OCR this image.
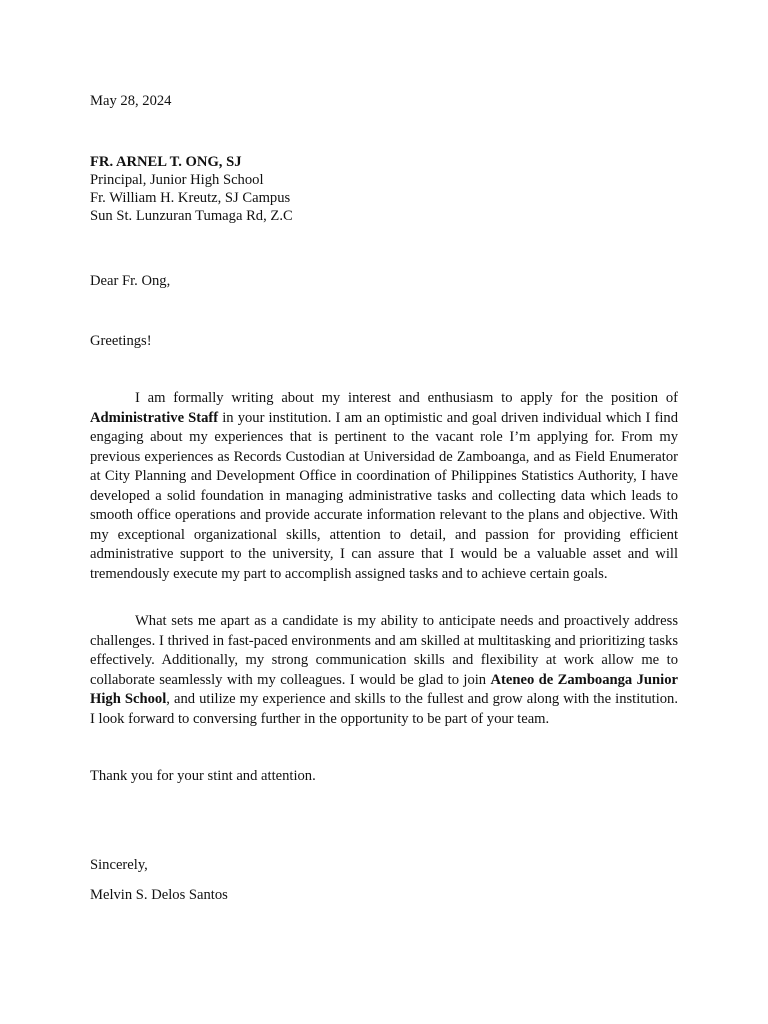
May 28, 2024
FR. ARNEL T. ONG, SJ
Principal, Junior High School
Fr. William H. Kreutz, SJ Campus
Sun St. Lunzuran Tumaga Rd, Z.C
Dear Fr. Ong,
Greetings!

I am formally writing about my interest and enthusiasm to apply for the position of Administrative Staff in your institution. I am an optimistic and goal driven individual which I find engaging about my experiences that is pertinent to the vacant role I’m applying for. From my previous experiences as Records Custodian at Universidad de Zamboanga, and as Field Enumerator at City Planning and Development Office in coordination of Philippines Statistics Authority, I have developed a solid foundation in managing administrative tasks and collecting data which leads to smooth office operations and provide accurate information relevant to the plans and objective. With my exceptional organizational skills, attention to detail, and passion for providing efficient administrative support to the university, I can assure that I would be a valuable asset and will tremendously execute my part to accomplish assigned tasks and to achieve certain goals.

What sets me apart as a candidate is my ability to anticipate needs and proactively address challenges. I thrived in fast-paced environments and am skilled at multitasking and prioritizing tasks effectively. Additionally, my strong communication skills and flexibility at work allow me to collaborate seamlessly with my colleagues. I would be glad to join Ateneo de Zamboanga Junior High School, and utilize my experience and skills to the fullest and grow along with the institution. I look forward to conversing further in the opportunity to be part of your team.

Thank you for your stint and attention.
Sincerely,
Melvin S. Delos Santos
